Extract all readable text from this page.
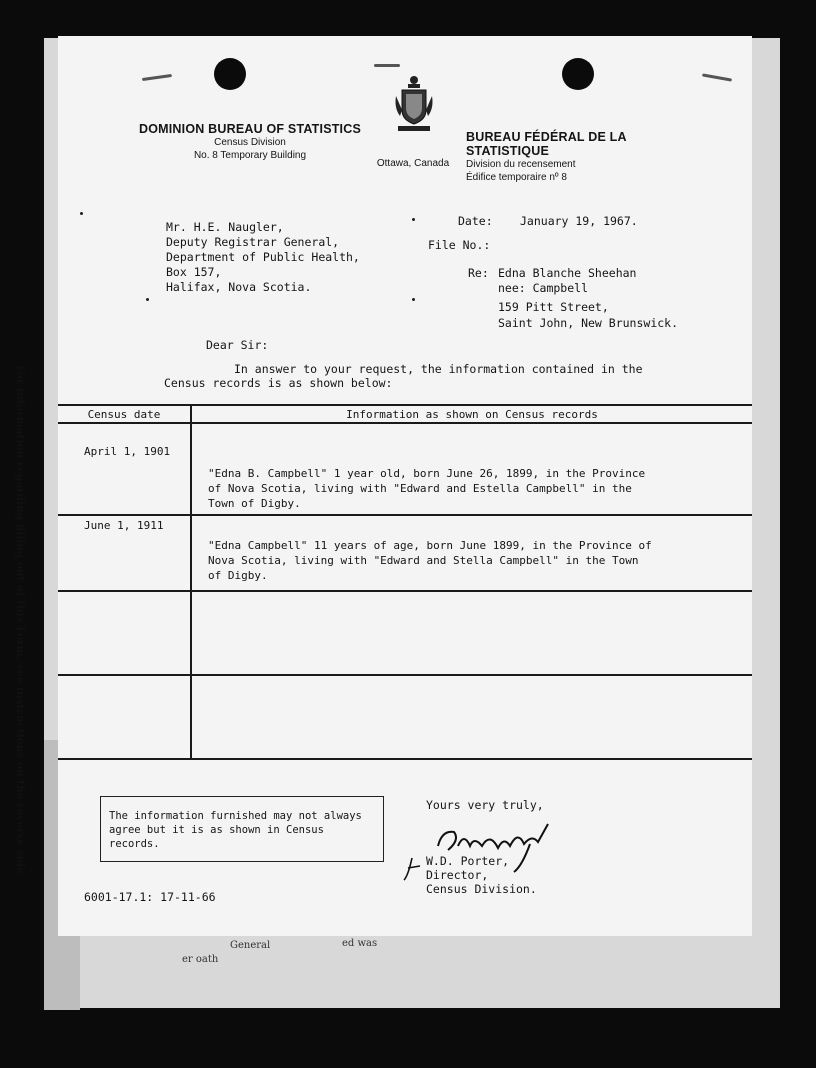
For information regarding filling out of this Form, see instructions on the reverse side.
ed was
er oath
General
DOMINION BUREAU OF STATISTICS
Census Division
No. 8 Temporary Building
Ottawa, Canada
BUREAU FÉDÉRAL DE LA STATISTIQUE
Division du recensement
Édifice temporaire nº 8
Mr. H.E. Naugler,
Deputy Registrar General,
Department of Public Health,
Box 157,
Halifax, Nova Scotia.
Date: January 19, 1967.
File No.:
Re: Edna Blanche Sheehan
nee: Campbell
159 Pitt Street,
Saint John, New Brunswick.
Dear Sir:
In answer to your request, the information contained in the
Census records is as shown below:
Census date	Information as shown on Census records
April 1, 1901
"Edna B. Campbell" 1 year old, born June 26, 1899, in the Province of Nova Scotia, living with "Edward and Estella Campbell" in the Town of Digby.
June 1, 1911
"Edna Campbell" 11 years of age, born June 1899, in the Province of Nova Scotia, living with "Edward and Stella Campbell" in the Town of Digby.
The information furnished may not always agree but it is as shown in Census records.
Yours very truly,
W.D. Porter,
Director,
Census Division.
6001-17.1: 17-11-66
